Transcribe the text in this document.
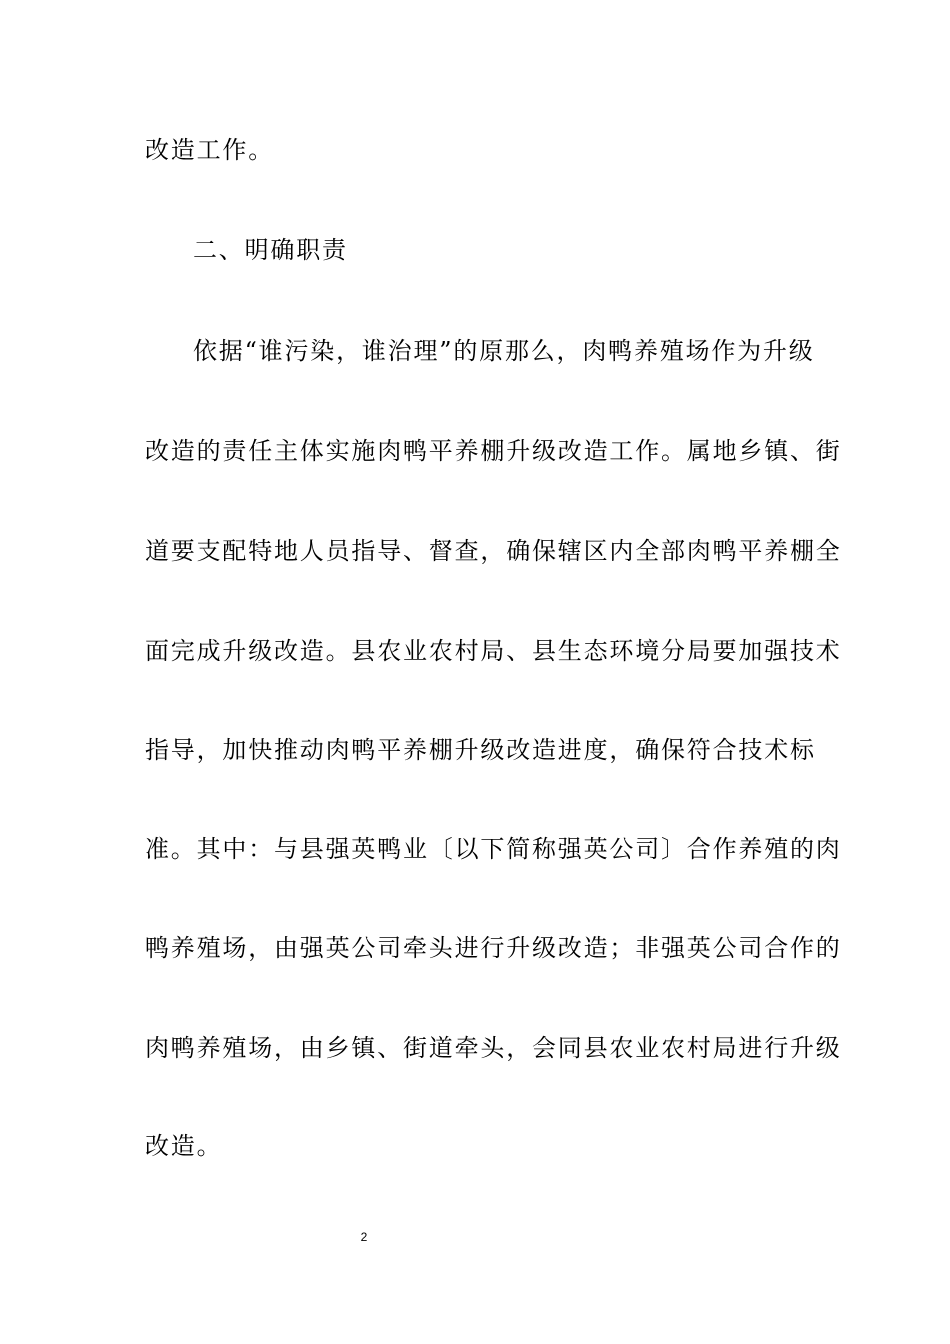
改造工作。
二、明确职责
依据“谁污染，谁治理”的原那么，肉鸭养殖场作为升级
改造的责任主体实施肉鸭平养棚升级改造工作。属地乡镇、街
道要支配特地人员指导、督查，确保辖区内全部肉鸭平养棚全
面完成升级改造。县农业农村局、县生态环境分局要加强技术
指导，加快推动肉鸭平养棚升级改造进度，确保符合技术标
准。其中：与县强英鸭业〔以下简称强英公司〕合作养殖的肉
鸭养殖场，由强英公司牵头进行升级改造；非强英公司合作的
肉鸭养殖场，由乡镇、街道牵头，会同县农业农村局进行升级
改造。
2
